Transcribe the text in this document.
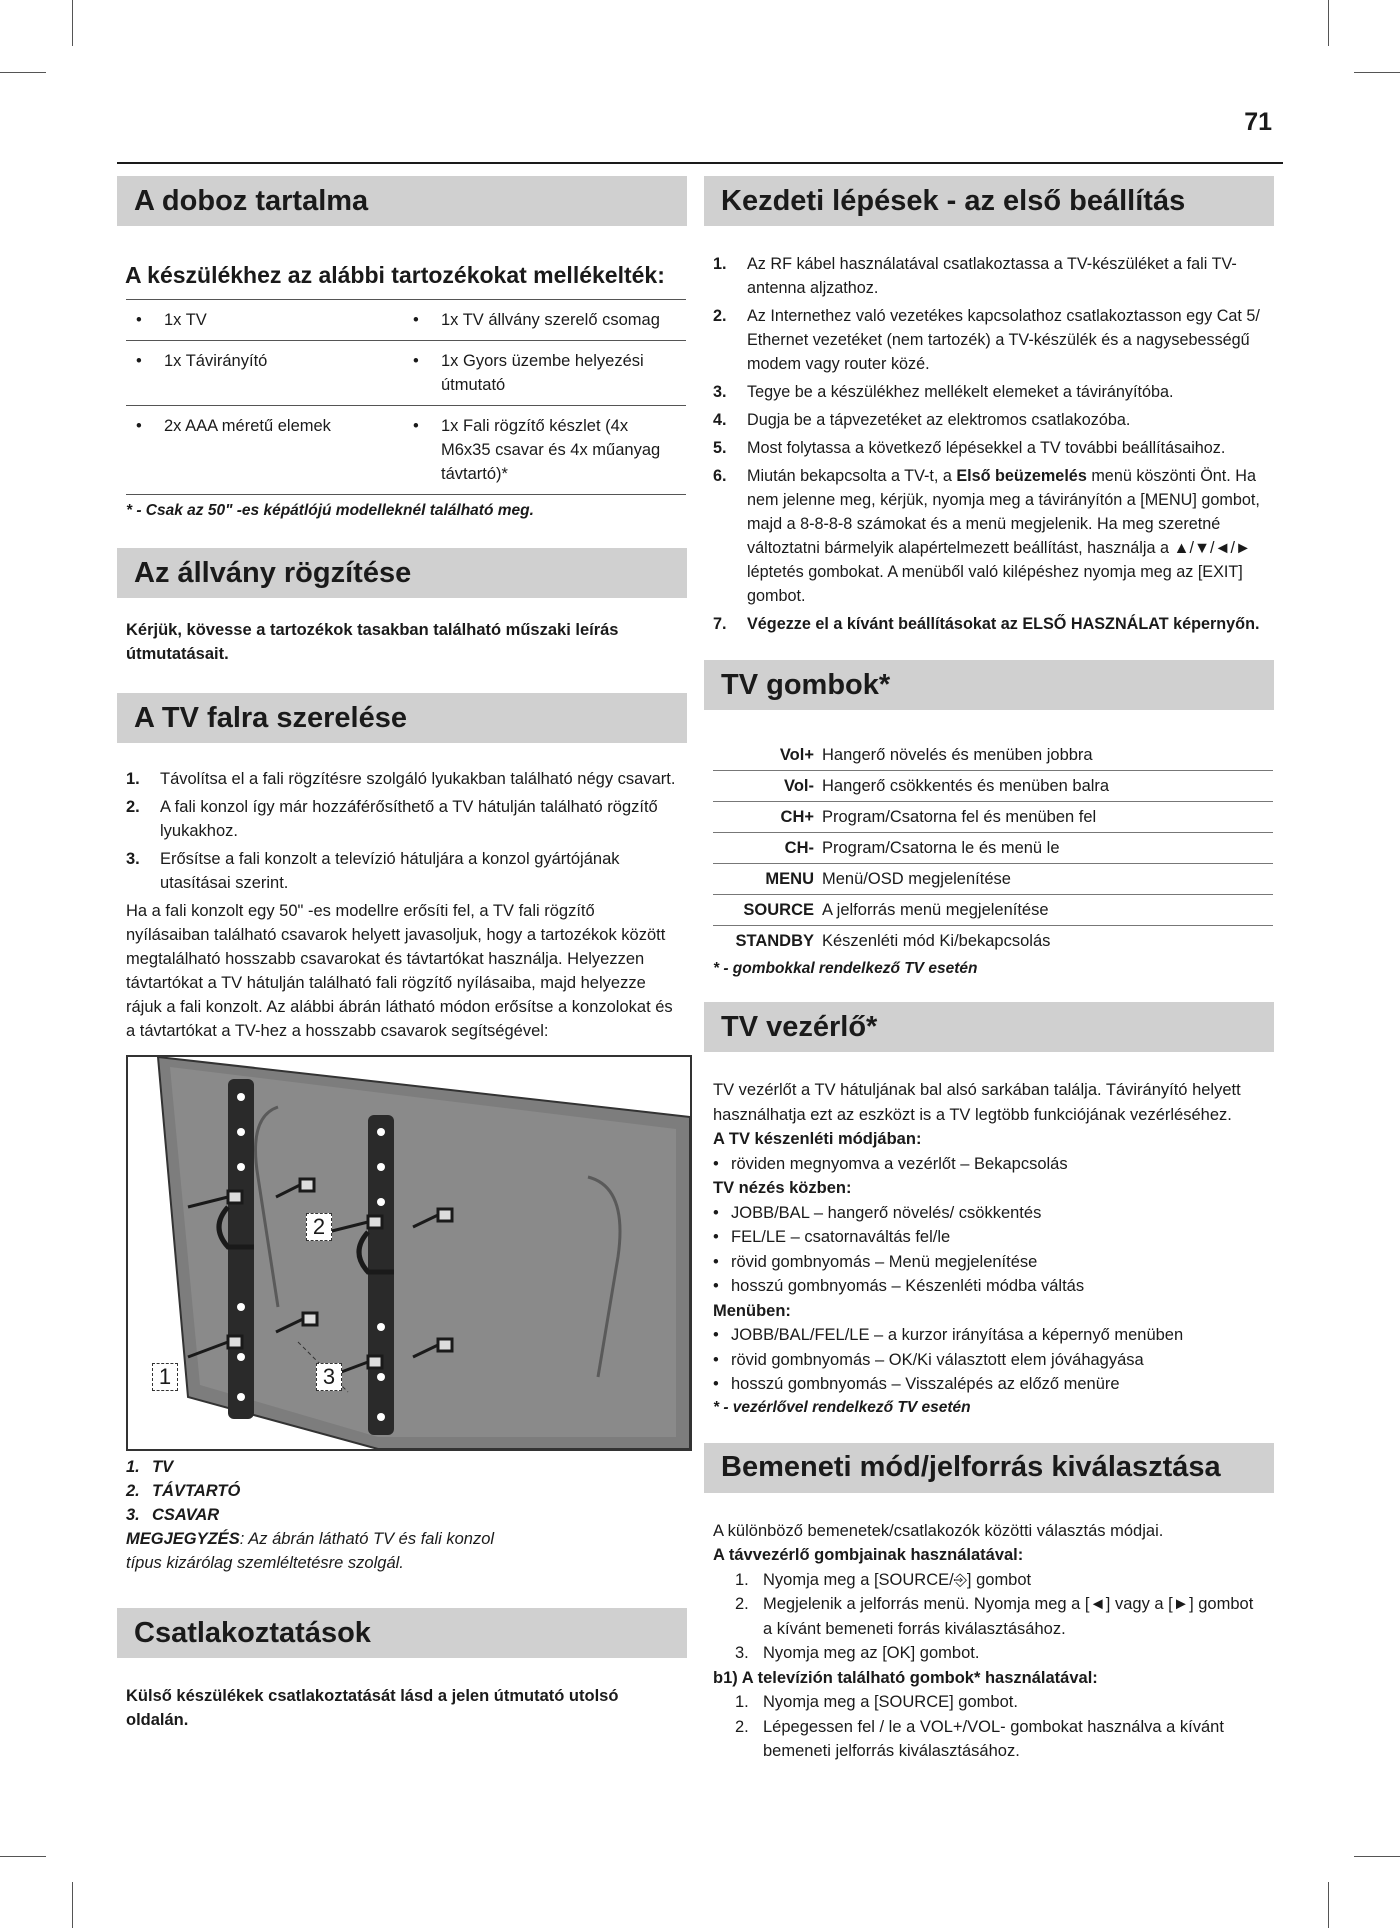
71
A doboz tartalma
A készülékhez az alábbi tartozékokat mellékelték:
• 1x TV	• 1x TV állvány szerelő csomag

• 1x Távirányító	• 1x Gyors üzembe helyezési útmutató

• 2x AAA méretű elemek	• 1x Fali rögzítő készlet (4x M6x35 csavar és 4x műanyag távtartó)*
* - Csak az 50" -es képátlójú modelleknél található meg.
Az állvány rögzítése
Kérjük, kövesse a tartozékok tasakban található műszaki leírás útmutatásait.
A TV falra szerelése
1.	Távolítsa el a fali rögzítésre szolgáló lyukakban található négy csavart.
2.	A fali konzol így már hozzáférősíthető a TV hátulján található rögzítő lyukakhoz.
3.	Erősítse a fali konzolt a televízió hátuljára a konzol gyártójának utasításai szerint.
Ha a fali konzolt egy 50" -es modellre erősíti fel, a TV fali rögzítő nyílásaiban található csavarok helyett javasoljuk, hogy a tartozékok között megtalálható hosszabb csavarokat és távtartókat használja. Helyezzen távtartókat a TV hátulján található fali rögzítő nyílásaiba, majd helyezze rájuk a fali konzolt. Az alábbi ábrán látható módon erősítse a konzolokat és a távtartókat a TV-hez a hosszabb csavarok segítségével:
1
2
3
1. TV
2. TÁVTARTÓ
3. CSAVAR
MEGJEGYZÉS: Az ábrán látható TV és fali konzol típus kizárólag szemléltetésre szolgál.
Csatlakoztatások
Külső készülékek csatlakoztatását lásd a jelen útmutató utolsó oldalán.
Kezdeti lépések - az első beállítás
1.	Az RF kábel használatával csatlakoztassa a TV-készüléket a fali TV-antenna aljzathoz.
2.	Az Internethez való vezetékes kapcsolathoz csatlakoztasson egy Cat 5/ Ethernet vezetéket (nem tartozék) a TV-készülék és a nagysebességű modem vagy router közé.
3.	Tegye be a készülékhez mellékelt elemeket a távirányítóba.
4.	Dugja be a tápvezetéket az elektromos csatlakozóba.
5.	Most folytassa a következő lépésekkel a TV további beállításaihoz.
6.	Miután bekapcsolta a TV-t, a Első beüzemelés menü köszönti Önt. Ha nem jelenne meg, kérjük, nyomja meg a távirányítón a [MENU] gombot, majd a 8-8-8-8 számokat és a menü megjelenik. Ha meg szeretné változtatni bármelyik alapértelmezett beállítást, használja a ▲/▼/◄/► léptetés gombokat. A menüből való kilépéshez nyomja meg az [EXIT] gombot.
7.	Végezze el a kívánt beállításokat az ELSŐ HASZNÁLAT képernyőn.
TV gombok*
Vol+	Hangerő növelés és menüben jobbra
Vol-	Hangerő csökkentés és menüben balra
CH+	Program/Csatorna fel és menüben fel
CH-	Program/Csatorna le és menü le
MENU	Menü/OSD megjelenítése
SOURCE	A jelforrás menü megjelenítése
STANDBY	Készenléti mód Ki/bekapcsolás
* - gombokkal rendelkező TV esetén
TV vezérlő*
TV vezérlőt a TV hátuljának bal alsó sarkában találja. Távirányító helyett használhatja ezt az eszközt is a TV legtöbb funkciójának vezérléséhez.
A TV készenléti módjában:
• röviden megnyomva a vezérlőt – Bekapcsolás
TV nézés közben:
• JOBB/BAL – hangerő növelés/ csökkentés
• FEL/LE – csatornaváltás fel/le
• rövid gombnyomás – Menü megjelenítése
• hosszú gombnyomás – Készenléti módba váltás
Menüben:
• JOBB/BAL/FEL/LE – a kurzor irányítása a képernyő menüben
• rövid gombnyomás – OK/Ki választott elem jóváhagyása
• hosszú gombnyomás – Visszalépés az előző menüre
* - vezérlővel rendelkező TV esetén
Bemeneti mód/jelforrás kiválasztása
A különböző bemenetek/csatlakozók közötti választás módjai.
A távvezérlő gombjainak használatával:
1. Nyomja meg a [SOURCE/⎆] gombot
2. Megjelenik a jelforrás menü. Nyomja meg a [◄] vagy a [►] gombot a kívánt bemeneti forrás kiválasztásához.
3. Nyomja meg az [OK] gombot.
b1) A televízión található gombok* használatával:
1. Nyomja meg a [SOURCE] gombot.
2. Lépegessen fel / le a VOL+/VOL- gombokat használva a kívánt bemeneti jelforrás kiválasztásához.
